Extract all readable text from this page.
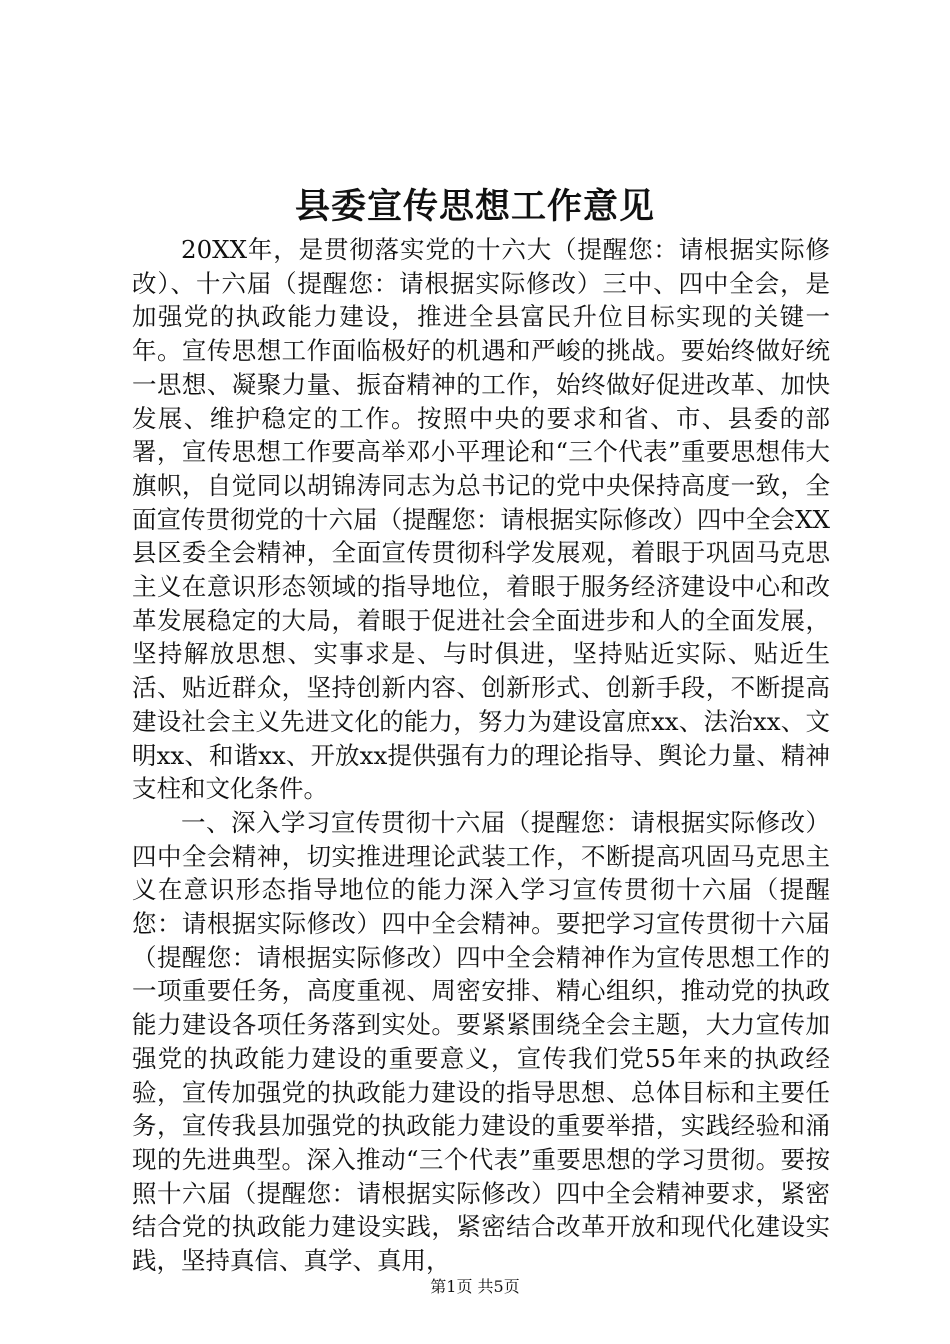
县委宣传思想工作意见

20XX年，是贯彻落实党的十六大（提醒您：请根据实际修改）、十六届（提醒您：请根据实际修改）三中、四中全会，是加强党的执政能力建设，推进全县富民升位目标实现的关键一年。宣传思想工作面临极好的机遇和严峻的挑战。要始终做好统一思想、凝聚力量、振奋精神的工作，始终做好促进改革、加快发展、维护稳定的工作。按照中央的要求和省、市、县委的部署，宣传思想工作要高举邓小平理论和“三个代表”重要思想伟大旗帜，自觉同以胡锦涛同志为总书记的党中央保持高度一致，全面宣传贯彻党的十六届（提醒您：请根据实际修改）四中全会XX县区委全会精神，全面宣传贯彻科学发展观，着眼于巩固马克思主义在意识形态领域的指导地位，着眼于服务经济建设中心和改革发展稳定的大局，着眼于促进社会全面进步和人的全面发展，坚持解放思想、实事求是、与时俱进，坚持贴近实际、贴近生活、贴近群众，坚持创新内容、创新形式、创新手段，不断提高建设社会主义先进文化的能力，努力为建设富庶xx、法治xx、文明xx、和谐xx、开放xx提供强有力的理论指导、舆论力量、精神支柱和文化条件。

一、深入学习宣传贯彻十六届（提醒您：请根据实际修改）四中全会精神，切实推进理论武装工作，不断提高巩固马克思主义在意识形态指导地位的能力深入学习宣传贯彻十六届（提醒您：请根据实际修改）四中全会精神。要把学习宣传贯彻十六届（提醒您：请根据实际修改）四中全会精神作为宣传思想工作的一项重要任务，高度重视、周密安排、精心组织，推动党的执政能力建设各项任务落到实处。要紧紧围绕全会主题，大力宣传加强党的执政能力建设的重要意义，宣传我们党55年来的执政经验，宣传加强党的执政能力建设的指导思想、总体目标和主要任务，宣传我县加强党的执政能力建设的重要举措，实践经验和涌现的先进典型。深入推动“三个代表”重要思想的学习贯彻。要按照十六届（提醒您：请根据实际修改）四中全会精神要求，紧密结合党的执政能力建设实践，紧密结合改革开放和现代化建设实践，坚持真信、真学、真用，

第1页 共5页
